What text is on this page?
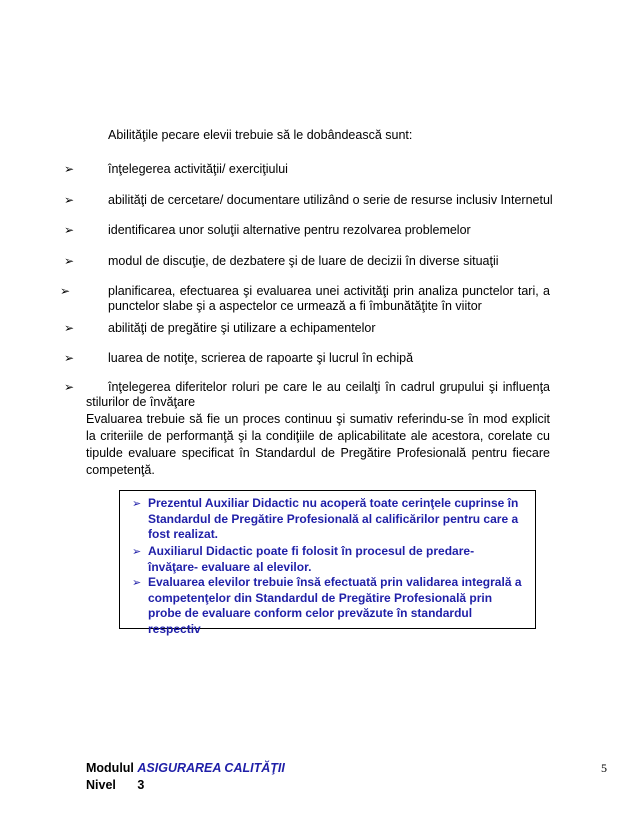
Abilităţile pecare elevii trebuie să le dobândească sunt:
➢	înţelegerea activităţii/ exerciţiului
➢	abilităţi de cercetare/ documentare utilizând o serie de resurse inclusiv Internetul
➢	identificarea unor soluţii alternative pentru rezolvarea problemelor
➢	modul de discuţie, de dezbatere şi de luare de decizii în diverse situaţii
➢	planificarea, efectuarea şi evaluarea unei activităţi prin analiza punctelor tari, a punctelor slabe şi a aspectelor ce urmează a fi îmbunătăţite în viitor
➢	abilităţi de pregătire şi utilizare a echipamentelor
➢	luarea de notiţe, scrierea de rapoarte şi lucrul în echipă
➢	înţelegerea diferitelor roluri pe care le au ceilalţi în cadrul grupului şi influenţa stilurilor de învăţare
Evaluarea trebuie să fie un proces continuu şi sumativ referindu-se în mod explicit la criteriile de performanţă şi la condiţiile de aplicabilitate ale acestora, corelate cu tipulde evaluare specificat în Standardul de Pregătire Profesională pentru fiecare competenţă.
➢ Prezentul Auxiliar Didactic nu acoperă toate cerinţele cuprinse în Standardul de Pregătire Profesională al calificărilor pentru care a fost realizat.
➢ Auxiliarul Didactic poate fi folosit în procesul de predare- învăţare- evaluare al elevilor.
➢ Evaluarea elevilor trebuie însă efectuată prin validarea integrală a competenţelor din Standardul de Pregătire Profesională prin probe de evaluare conform celor prevăzute în standardul respectiv
Modulul ASIGURAREA CALITĂŢII
Nivel 3
5
